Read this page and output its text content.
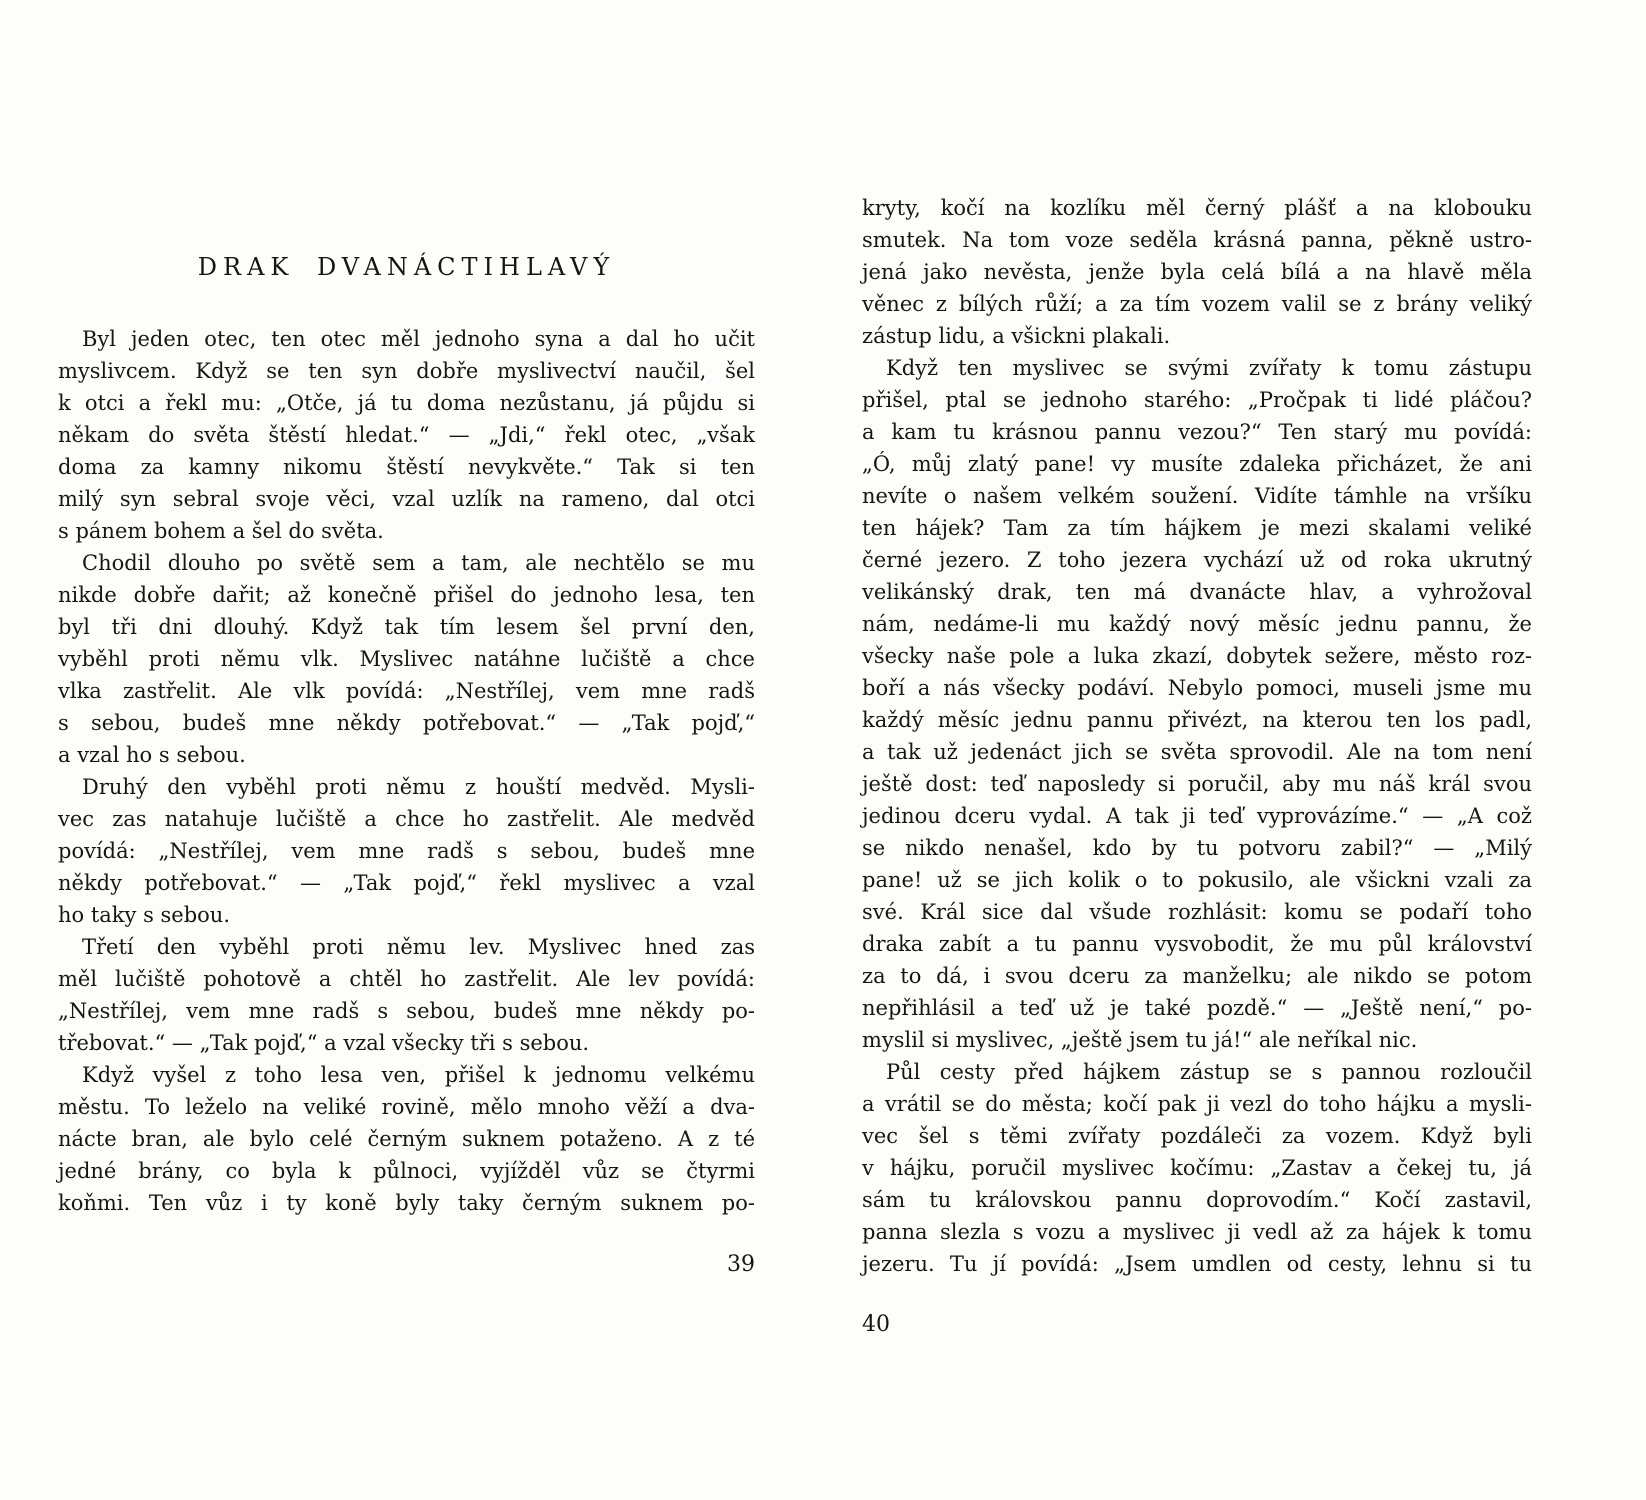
DRAK DVANÁCTIHLAVÝ
Byl jeden otec, ten otec měl jednoho syna a dal ho učit
myslivcem. Když se ten syn dobře myslivectví naučil, šel
k otci a řekl mu: „Otče, já tu doma nezůstanu, já půjdu si
někam do světa štěstí hledat.“ — „Jdi,“ řekl otec, „však
doma za kamny nikomu štěstí nevykvěte.“ Tak si ten
milý syn sebral svoje věci, vzal uzlík na rameno, dal otci
s pánem bohem a šel do světa.
Chodil dlouho po světě sem a tam, ale nechtělo se mu
nikde dobře dařit; až konečně přišel do jednoho lesa, ten
byl tři dni dlouhý. Když tak tím lesem šel první den,
vyběhl proti němu vlk. Myslivec natáhne lučiště a chce
vlka zastřelit. Ale vlk povídá: „Nestřílej, vem mne radš
s sebou, budeš mne někdy potřebovat.“ — „Tak pojď,“
a vzal ho s sebou.
Druhý den vyběhl proti němu z houští medvěd. Mysli-
vec zas natahuje lučiště a chce ho zastřelit. Ale medvěd
povídá: „Nestřílej, vem mne radš s sebou, budeš mne
někdy potřebovat.“ — „Tak pojď,“ řekl myslivec a vzal
ho taky s sebou.
Třetí den vyběhl proti němu lev. Myslivec hned zas
měl lučiště pohotově a chtěl ho zastřelit. Ale lev povídá:
„Nestřílej, vem mne radš s sebou, budeš mne někdy po-
třebovat.“ — „Tak pojď,“ a vzal všecky tři s sebou.
Když vyšel z toho lesa ven, přišel k jednomu velkému
městu. To leželo na veliké rovině, mělo mnoho věží a dva-
nácte bran, ale bylo celé černým suknem potaženo. A z té
jedné brány, co byla k půlnoci, vyjížděl vůz se čtyrmi
koňmi. Ten vůz i ty koně byly taky černým suknem po-
39
kryty, kočí na kozlíku měl černý plášť a na klobouku
smutek. Na tom voze seděla krásná panna, pěkně ustro-
jená jako nevěsta, jenže byla celá bílá a na hlavě měla
věnec z bílých růží; a za tím vozem valil se z brány veliký
zástup lidu, a všickni plakali.
Když ten myslivec se svými zvířaty k tomu zástupu
přišel, ptal se jednoho starého: „Pročpak ti lidé pláčou?
a kam tu krásnou pannu vezou?“ Ten starý mu povídá:
„Ó, můj zlatý pane! vy musíte zdaleka přicházet, že ani
nevíte o našem velkém soužení. Vidíte támhle na vršíku
ten hájek? Tam za tím hájkem je mezi skalami veliké
černé jezero. Z toho jezera vychází už od roka ukrutný
velikánský drak, ten má dvanácte hlav, a vyhrožoval
nám, nedáme-li mu každý nový měsíc jednu pannu, že
všecky naše pole a luka zkazí, dobytek sežere, město roz-
boří a nás všecky podáví. Nebylo pomoci, museli jsme mu
každý měsíc jednu pannu přivézt, na kterou ten los padl,
a tak už jedenáct jich se světa sprovodil. Ale na tom není
ještě dost: teď naposledy si poručil, aby mu náš král svou
jedinou dceru vydal. A tak ji teď vyprovázíme.“ — „A což
se nikdo nenašel, kdo by tu potvoru zabil?“ — „Milý
pane! už se jich kolik o to pokusilo, ale všickni vzali za
své. Král sice dal všude rozhlásit: komu se podaří toho
draka zabít a tu pannu vysvobodit, že mu půl království
za to dá, i svou dceru za manželku; ale nikdo se potom
nepřihlásil a teď už je také pozdě.“ — „Ještě není,“ po-
myslil si myslivec, „ještě jsem tu já!“ ale neříkal nic.
Půl cesty před hájkem zástup se s pannou rozloučil
a vrátil se do města; kočí pak ji vezl do toho hájku a mysli-
vec šel s těmi zvířaty pozdáleči za vozem. Když byli
v hájku, poručil myslivec kočímu: „Zastav a čekej tu, já
sám tu královskou pannu doprovodím.“ Kočí zastavil,
panna slezla s vozu a myslivec ji vedl až za hájek k tomu
jezeru. Tu jí povídá: „Jsem umdlen od cesty, lehnu si tu
40
